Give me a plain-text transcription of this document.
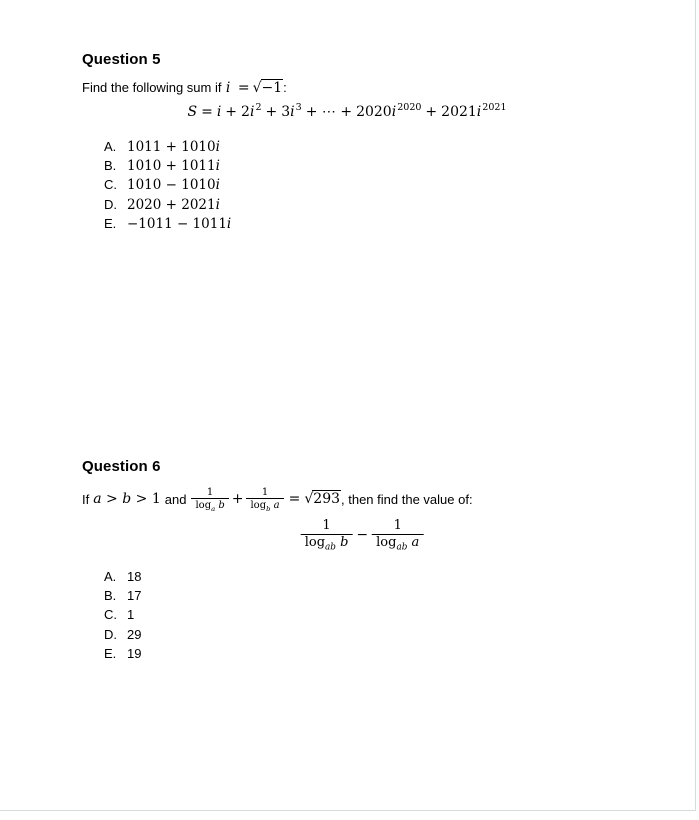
Question 5
Find the following sum if i = √−1:
$S = i + 2i^2 + 3i^3$ + ⋯ + $2020i^{2020} + 2021i^{2021}$
A. 1011 + 1010i
B. 1010 + 1011i
C. 1010 − 1010i
D. 2020 + 2021i
E. −1011 − 1011i
Question 6
If a > b > 1 and $\frac{1}{\log_a b} + \frac{1}{\log_b a} = √293$ , then find the value of:
$\frac{1}{\log_{ab} b} - \frac{1}{\log_{ab} a}$
A. 18
B. 17
C. 1
D. 29
E. 19
